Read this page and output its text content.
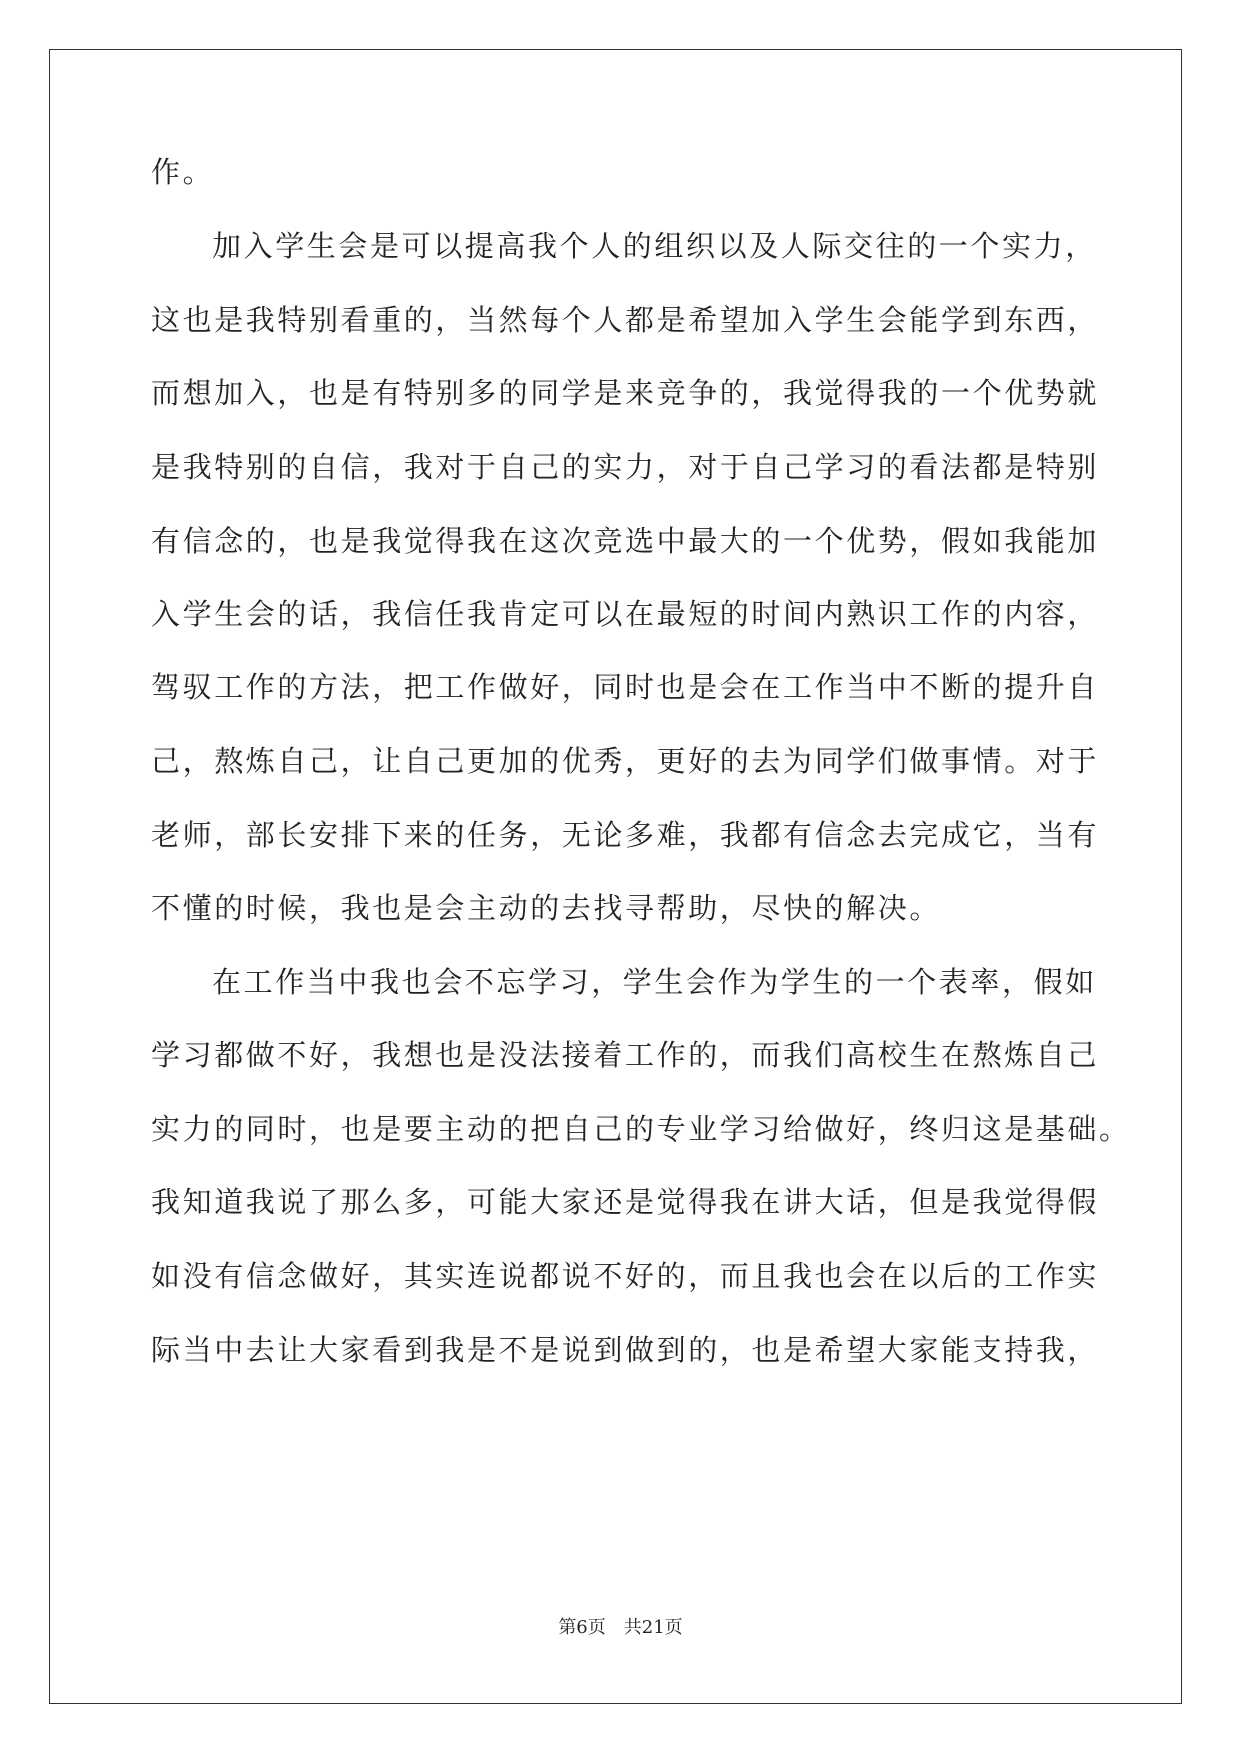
作。
加入学生会是可以提高我个人的组织以及人际交往的一个实力，
这也是我特别看重的，当然每个人都是希望加入学生会能学到东西，
而想加入，也是有特别多的同学是来竞争的，我觉得我的一个优势就
是我特别的自信，我对于自己的实力，对于自己学习的看法都是特别
有信念的，也是我觉得我在这次竞选中最大的一个优势，假如我能加
入学生会的话，我信任我肯定可以在最短的时间内熟识工作的内容，
驾驭工作的方法，把工作做好，同时也是会在工作当中不断的提升自
己，熬炼自己，让自己更加的优秀，更好的去为同学们做事情。对于
老师，部长安排下来的任务，无论多难，我都有信念去完成它，当有
不懂的时候，我也是会主动的去找寻帮助，尽快的解决。
在工作当中我也会不忘学习，学生会作为学生的一个表率，假如
学习都做不好，我想也是没法接着工作的，而我们高校生在熬炼自己
实力的同时，也是要主动的把自己的专业学习给做好，终归这是基础。
我知道我说了那么多，可能大家还是觉得我在讲大话，但是我觉得假
如没有信念做好，其实连说都说不好的，而且我也会在以后的工作实
际当中去让大家看到我是不是说到做到的，也是希望大家能支持我，
第6页 共21页
